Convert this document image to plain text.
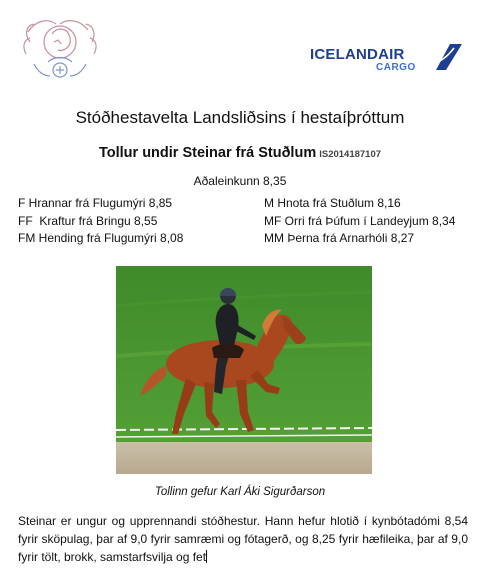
ICELANDAIR
CARGO
Stóðhestavelta Landsliðsins í hestaíþróttum
Tollur undir Steinar frá Stuðlum IS2014187107
Aðaleinkunn 8,35
F Hrannar frá Flugumýri 8,85	M Hnota frá Stuðlum 8,16
FF  Kraftur frá Bringu 8,55	MF Orri frá Þúfum í Landeyjum 8,34
FM Hending frá Flugumýri 8,08	MM Þerna frá Arnarhóli 8,27
Tollinn gefur Karl Áki Sigurðarson
Steinar er ungur og upprennandi stóðhestur. Hann hefur hlotið í kynbótadómi 8,54 fyrir sköpulag, þar af 9,0 fyrir samræmi og fótagerð, og 8,25 fyrir hæfileika, þar af 9,0 fyrir tölt, brokk, samstarfsvilja og fet
